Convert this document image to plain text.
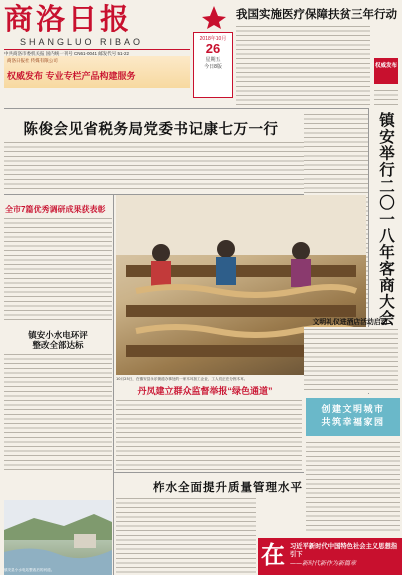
商洛日报
SHANGLUO RIBAO	2018年10月
26
星期五
今日8版
中共商洛市委机关报 国内统一刊号 CN61-0041 邮发代号 51-22
商洛日报社 传媒有限公司
权威发布 专业专栏产品构建服务
我国实施医疗保障扶贫三年行动
权威发布
陈俊会见省税务局党委书记康七万一行	镇安举行二〇一八年客商大会
全市7篇优秀调研成果获表彰
镇安小水电环评
整改全部达标
10月25日，在镇安县永乐街道办事处的一家木耳加工企业，工人们正在分拣木耳。
文明礼仪进酒店活动启动
丹凤建立群众监督举报“绿色通道”
创建文明城市
共筑幸福家园
柞水全面提升质量管理水平
镇安县小水电站整改后的河道。
在 习近平新时代中国特色社会主义思想指引下
——新时代新作为新篇章
